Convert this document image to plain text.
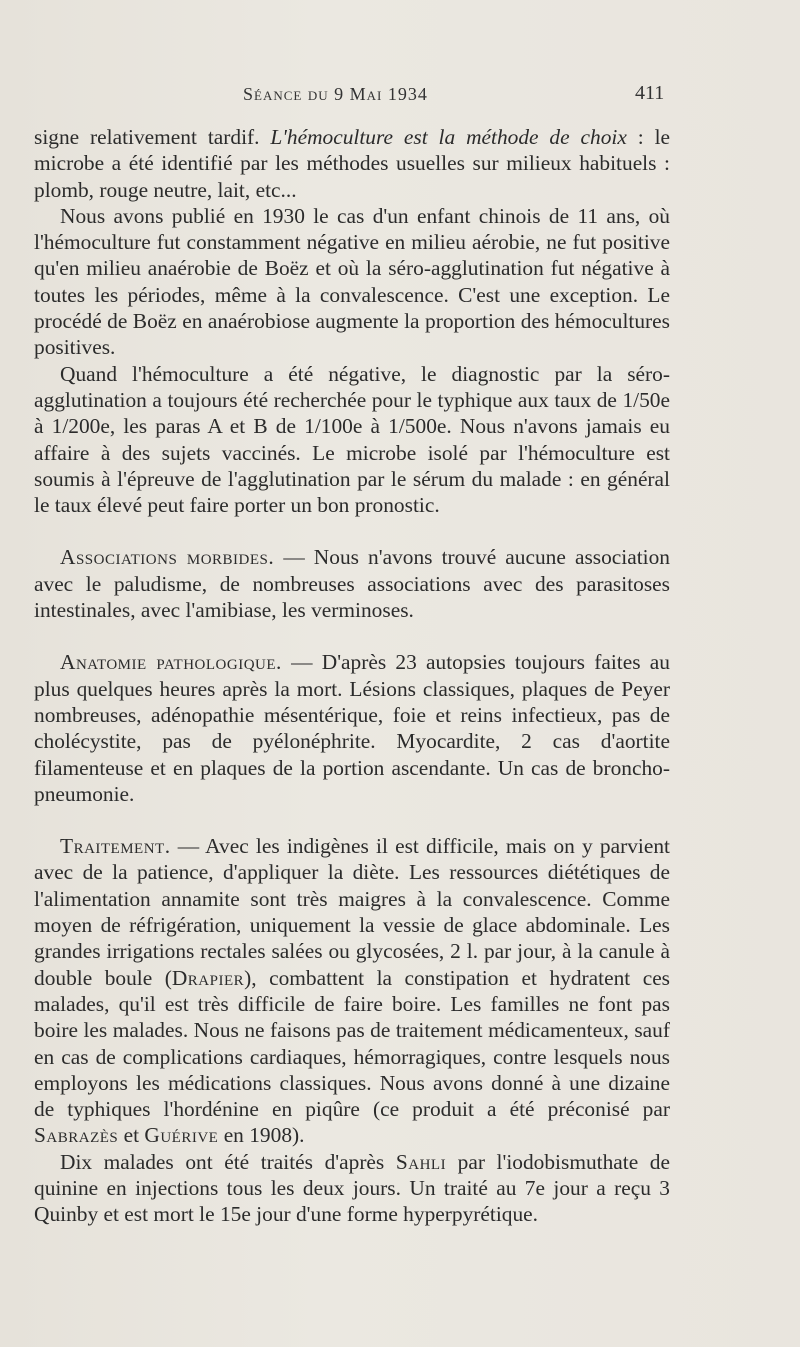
Séance du 9 Mai 1934	411

signe relativement tardif. L'hémoculture est la méthode de choix : le microbe a été identifié par les méthodes usuelles sur milieux habituels : plomb, rouge neutre, lait, etc...

Nous avons publié en 1930 le cas d'un enfant chinois de 11 ans, où l'hémoculture fut constamment négative en milieu aérobie, ne fut positive qu'en milieu anaérobie de Boëz et où la séro-agglutination fut négative à toutes les périodes, même à la convalescence. C'est une exception. Le procédé de Boëz en anaérobiose augmente la proportion des hémocultures positives.

Quand l'hémoculture a été négative, le diagnostic par la séro-agglutination a toujours été recherchée pour le typhique aux taux de 1/50e à 1/200e, les paras A et B de 1/100e à 1/500e. Nous n'avons jamais eu affaire à des sujets vaccinés. Le microbe isolé par l'hémoculture est soumis à l'épreuve de l'agglutination par le sérum du malade : en général le taux élevé peut faire porter un bon pronostic.

Associations morbides. — Nous n'avons trouvé aucune association avec le paludisme, de nombreuses associations avec des parasitoses intestinales, avec l'amibiase, les verminoses.

Anatomie pathologique. — D'après 23 autopsies toujours faites au plus quelques heures après la mort. Lésions classiques, plaques de Peyer nombreuses, adénopathie mésentérique, foie et reins infectieux, pas de cholécystite, pas de pyélonéphrite. Myocardite, 2 cas d'aortite filamenteuse et en plaques de la portion ascendante. Un cas de broncho-pneumonie.

Traitement. — Avec les indigènes il est difficile, mais on y parvient avec de la patience, d'appliquer la diète. Les ressources diététiques de l'alimentation annamite sont très maigres à la convalescence. Comme moyen de réfrigération, uniquement la vessie de glace abdominale. Les grandes irrigations rectales salées ou glycosées, 2 l. par jour, à la canule à double boule (Drapier), combattent la constipation et hydratent ces malades, qu'il est très difficile de faire boire. Les familles ne font pas boire les malades. Nous ne faisons pas de traitement médicamenteux, sauf en cas de complications cardiaques, hémorragiques, contre lesquels nous employons les médications classiques. Nous avons donné à une dizaine de typhiques l'hordénine en piqûre (ce produit a été préconisé par Sabrazès et Guérive en 1908).

Dix malades ont été traités d'après Sahli par l'iodobismuthate de quinine en injections tous les deux jours. Un traité au 7e jour a reçu 3 Quinby et est mort le 15e jour d'une forme hyperpyrétique.
